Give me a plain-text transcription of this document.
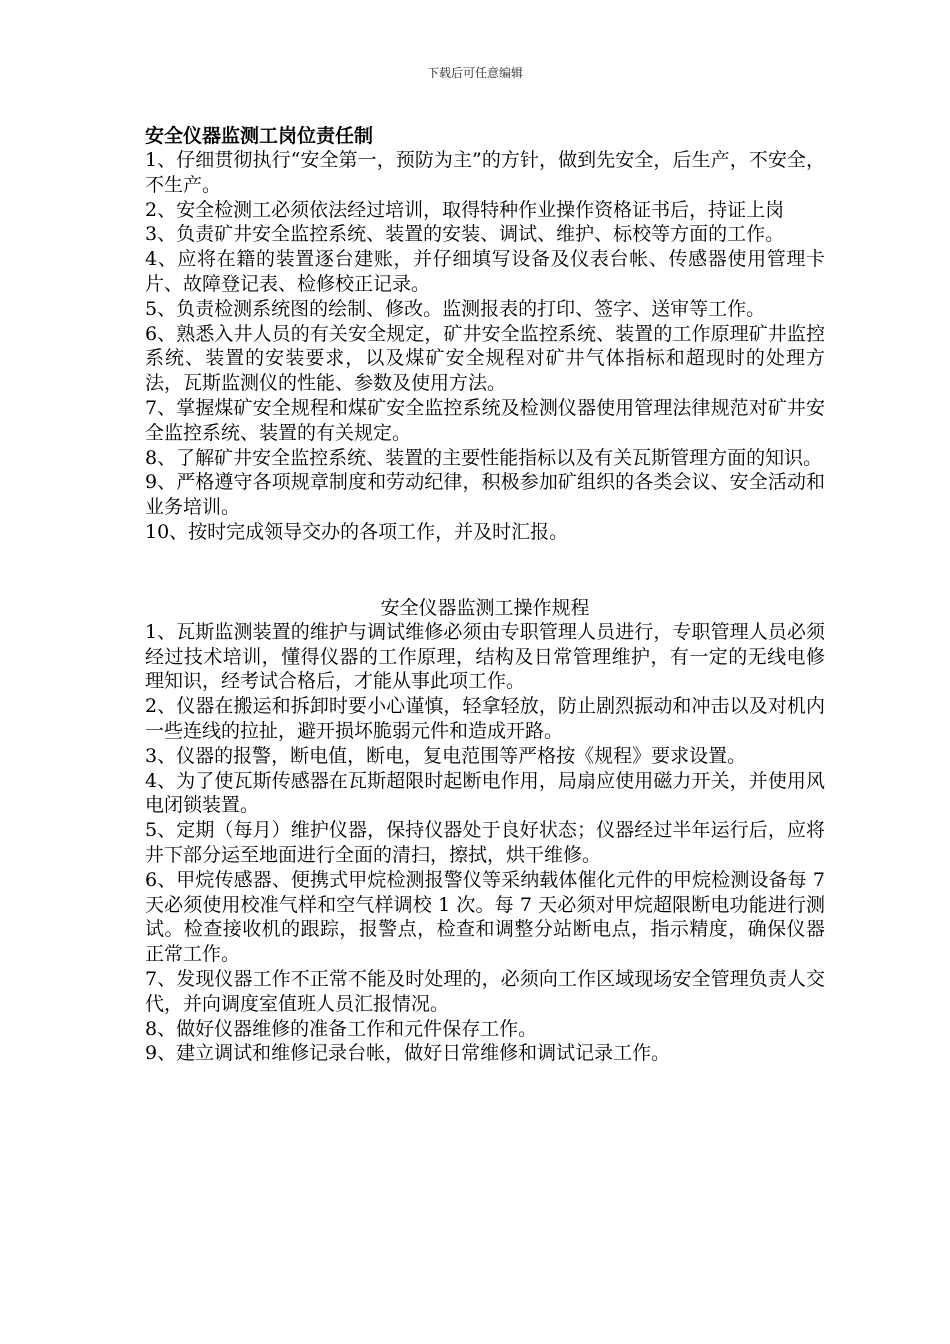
下载后可任意编辑
安全仪器监测工岗位责任制

1、仔细贯彻执行“安全第一，预防为主”的方针，做到先安全，后生产，不安全，不生产。

2、安全检测工必须依法经过培训，取得特种作业操作资格证书后，持证上岗

3、负责矿井安全监控系统、装置的安装、调试、维护、标校等方面的工作。

4、应将在籍的装置逐台建账，并仔细填写设备及仪表台帐、传感器使用管理卡片、故障登记表、检修校正记录。

5、负责检测系统图的绘制、修改。监测报表的打印、签字、送审等工作。

6、熟悉入井人员的有关安全规定，矿井安全监控系统、装置的工作原理矿井监控系统、装置的安装要求，以及煤矿安全规程对矿井气体指标和超现时的处理方法，瓦斯监测仪的性能、参数及使用方法。

7、掌握煤矿安全规程和煤矿安全监控系统及检测仪器使用管理法律规范对矿井安全监控系统、装置的有关规定。

8、了解矿井安全监控系统、装置的主要性能指标以及有关瓦斯管理方面的知识。

9、严格遵守各项规章制度和劳动纪律，积极参加矿组织的各类会议、安全活动和业务培训。

10、按时完成领导交办的各项工作，并及时汇报。

安全仪器监测工操作规程

1、瓦斯监测装置的维护与调试维修必须由专职管理人员进行，专职管理人员必须经过技术培训，懂得仪器的工作原理，结构及日常管理维护，有一定的无线电修理知识，经考试合格后，才能从事此项工作。

2、仪器在搬运和拆卸时要小心谨慎，轻拿轻放，防止剧烈振动和冲击以及对机内一些连线的拉扯，避开损坏脆弱元件和造成开路。

3、仪器的报警，断电值，断电，复电范围等严格按《规程》要求设置。

4、为了使瓦斯传感器在瓦斯超限时起断电作用，局扇应使用磁力开关，并使用风电闭锁装置。

5、定期（每月）维护仪器，保持仪器处于良好状态；仪器经过半年运行后，应将井下部分运至地面进行全面的清扫，擦拭，烘干维修。

6、甲烷传感器、便携式甲烷检测报警仪等采纳载体催化元件的甲烷检测设备每 7 天必须使用校准气样和空气样调校 1 次。每 7 天必须对甲烷超限断电功能进行测试。检查接收机的跟踪，报警点，检查和调整分站断电点，指示精度，确保仪器正常工作。

7、发现仪器工作不正常不能及时处理的，必须向工作区域现场安全管理负责人交代，并向调度室值班人员汇报情况。

8、做好仪器维修的准备工作和元件保存工作。

9、建立调试和维修记录台帐，做好日常维修和调试记录工作。
